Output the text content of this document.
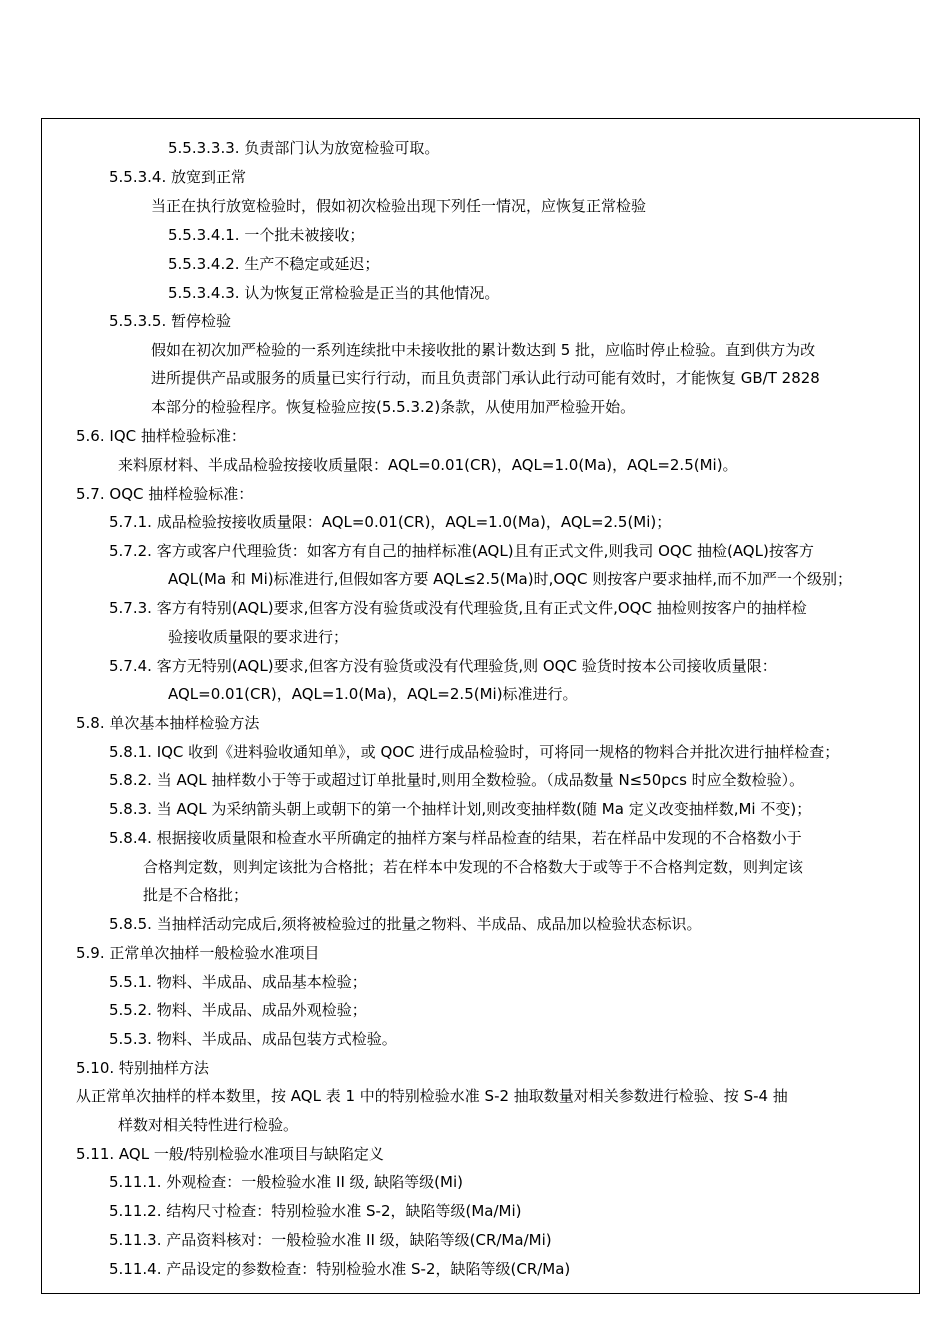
5.5.3.3.3. 负责部门认为放宽检验可取。
5.5.3.4. 放宽到正常
当正在执行放宽检验时，假如初次检验出现下列任一情况，应恢复正常检验
5.5.3.4.1. 一个批未被接收；
5.5.3.4.2. 生产不稳定或延迟；
5.5.3.4.3. 认为恢复正常检验是正当的其他情况。
5.5.3.5. 暂停检验
假如在初次加严检验的一系列连续批中未接收批的累计数达到 5 批，应临时停止检验。直到供方为改
进所提供产品或服务的质量已实行行动，而且负责部门承认此行动可能有效时，才能恢复 GB/T 2828
本部分的检验程序。恢复检验应按(5.5.3.2)条款，从使用加严检验开始。
5.6. IQC 抽样检验标准：
来料原材料、半成品检验按接收质量限：AQL=0.01(CR)，AQL=1.0(Ma)，AQL=2.5(Mi)。
5.7. OQC 抽样检验标准：
5.7.1. 成品检验按接收质量限：AQL=0.01(CR)，AQL=1.0(Ma)，AQL=2.5(Mi)；
5.7.2. 客方或客户代理验货：如客方有自己的抽样标准(AQL)且有正式文件,则我司 OQC 抽检(AQL)按客方
AQL(Ma 和 Mi)标准进行,但假如客方要 AQL≤2.5(Ma)时,OQC 则按客户要求抽样,而不加严一个级别；
5.7.3. 客方有特别(AQL)要求,但客方没有验货或没有代理验货,且有正式文件,OQC 抽检则按客户的抽样检
验接收质量限的要求进行；
5.7.4. 客方无特别(AQL)要求,但客方没有验货或没有代理验货,则 OQC 验货时按本公司接收质量限：
AQL=0.01(CR)，AQL=1.0(Ma)，AQL=2.5(Mi)标准进行。
5.8. 单次基本抽样检验方法
5.8.1. IQC 收到《进料验收通知单》，或 QOC 进行成品检验时，可将同一规格的物料合并批次进行抽样检查；
5.8.2. 当 AQL 抽样数小于等于或超过订单批量时,则用全数检验。（成品数量 N≤50pcs 时应全数检验）。
5.8.3. 当 AQL 为采纳箭头朝上或朝下的第一个抽样计划,则改变抽样数(随 Ma 定义改变抽样数,Mi 不变)；
5.8.4. 根据接收质量限和检查水平所确定的抽样方案与样品检查的结果，若在样品中发现的不合格数小于
合格判定数，则判定该批为合格批；若在样本中发现的不合格数大于或等于不合格判定数，则判定该
批是不合格批；
5.8.5. 当抽样活动完成后,须将被检验过的批量之物料、半成品、成品加以检验状态标识。
5.9. 正常单次抽样一般检验水准项目
5.5.1. 物料、半成品、成品基本检验；
5.5.2. 物料、半成品、成品外观检验；
5.5.3. 物料、半成品、成品包装方式检验。
5.10. 特别抽样方法
从正常单次抽样的样本数里，按 AQL 表 1 中的特别检验水准 S-2 抽取数量对相关参数进行检验、按 S-4 抽
样数对相关特性进行检验。
5.11. AQL 一般/特别检验水准项目与缺陷定义
5.11.1. 外观检查：一般检验水准 II 级, 缺陷等级(Mi)
5.11.2. 结构尺寸检查：特别检验水准 S-2，缺陷等级(Ma/Mi)
5.11.3. 产品资料核对：一般检验水准 II 级，缺陷等级(CR/Ma/Mi)
5.11.4. 产品设定的参数检查：特别检验水准 S-2，缺陷等级(CR/Ma)
